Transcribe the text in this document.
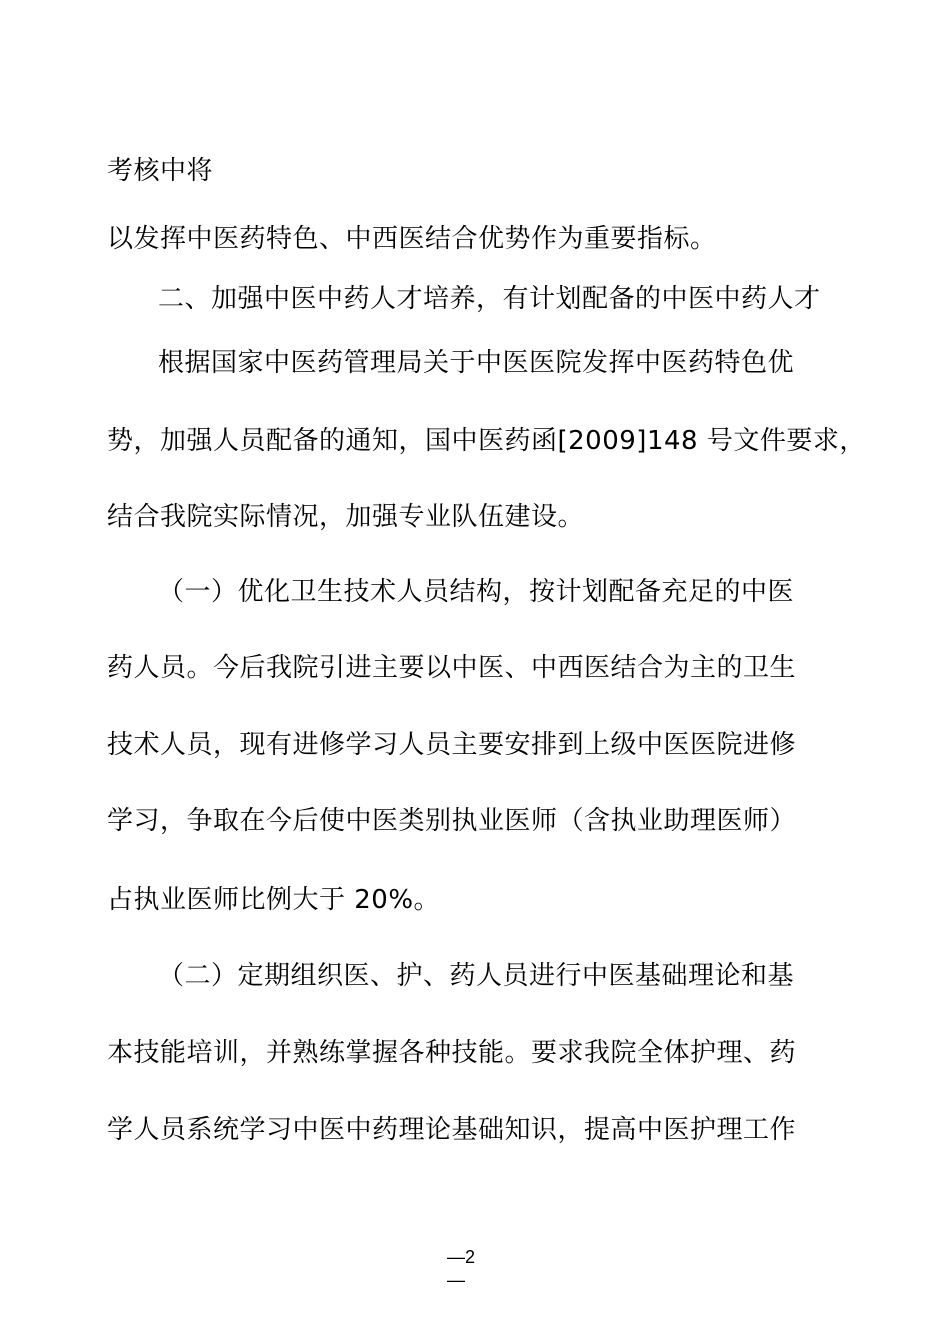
考核中将
以发挥中医药特色、中西医结合优势作为重要指标。
二、加强中医中药人才培养，有计划配备的中医中药人才
根据国家中医药管理局关于中医医院发挥中医药特色优
势，加强人员配备的通知，国中医药函[2009]148 号文件要求，
结合我院实际情况，加强专业队伍建设。
（一）优化卫生技术人员结构，按计划配备充足的中医
药人员。今后我院引进主要以中医、中西医结合为主的卫生
技术人员，现有进修学习人员主要安排到上级中医医院进修
学习，争取在今后使中医类别执业医师（含执业助理医师）
占执业医师比例大于 20%。
（二）定期组织医、护、药人员进行中医基础理论和基
本技能培训，并熟练掌握各种技能。要求我院全体护理、药
学人员系统学习中医中药理论基础知识，提高中医护理工作
—2
—
